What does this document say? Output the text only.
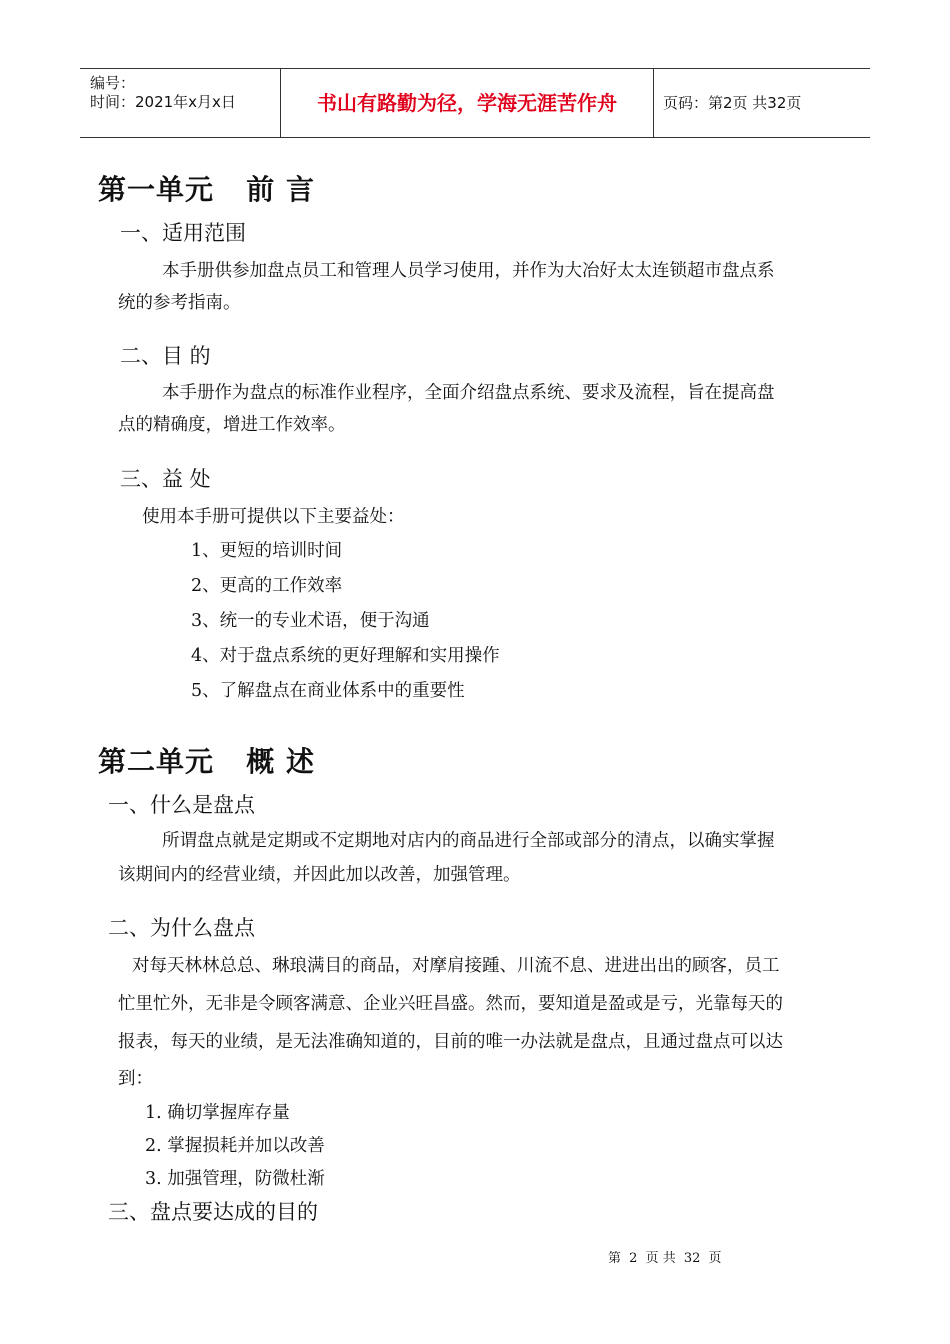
编号：
时间：2021年x月x日	书山有路勤为径，学海无涯苦作舟	页码：第2页 共32页
第一单元   前 言
一、适用范围
本手册供参加盘点员工和管理人员学习使用，并作为大冶好太太连锁超市盘点系
统的参考指南。
二、目 的
本手册作为盘点的标准作业程序，全面介绍盘点系统、要求及流程，旨在提高盘
点的精确度，增进工作效率。
三、益 处
使用本手册可提供以下主要益处：
1、更短的培训时间
2、更高的工作效率
3、统一的专业术语，便于沟通
4、对于盘点系统的更好理解和实用操作
5、了解盘点在商业体系中的重要性
第二单元   概 述
一、什么是盘点
所谓盘点就是定期或不定期地对店内的商品进行全部或部分的清点，以确实掌握
该期间内的经营业绩，并因此加以改善，加强管理。
二、为什么盘点
对每天林林总总、琳琅满目的商品，对摩肩接踵、川流不息、进进出出的顾客，员工
忙里忙外，无非是令顾客满意、企业兴旺昌盛。然而，要知道是盈或是亏，光靠每天的
报表，每天的业绩，是无法准确知道的，目前的唯一办法就是盘点，且通过盘点可以达
到：
1. 确切掌握库存量
2. 掌握损耗并加以改善
3. 加强管理，防微杜渐
三、盘点要达成的目的
第 2 页 共 32 页
